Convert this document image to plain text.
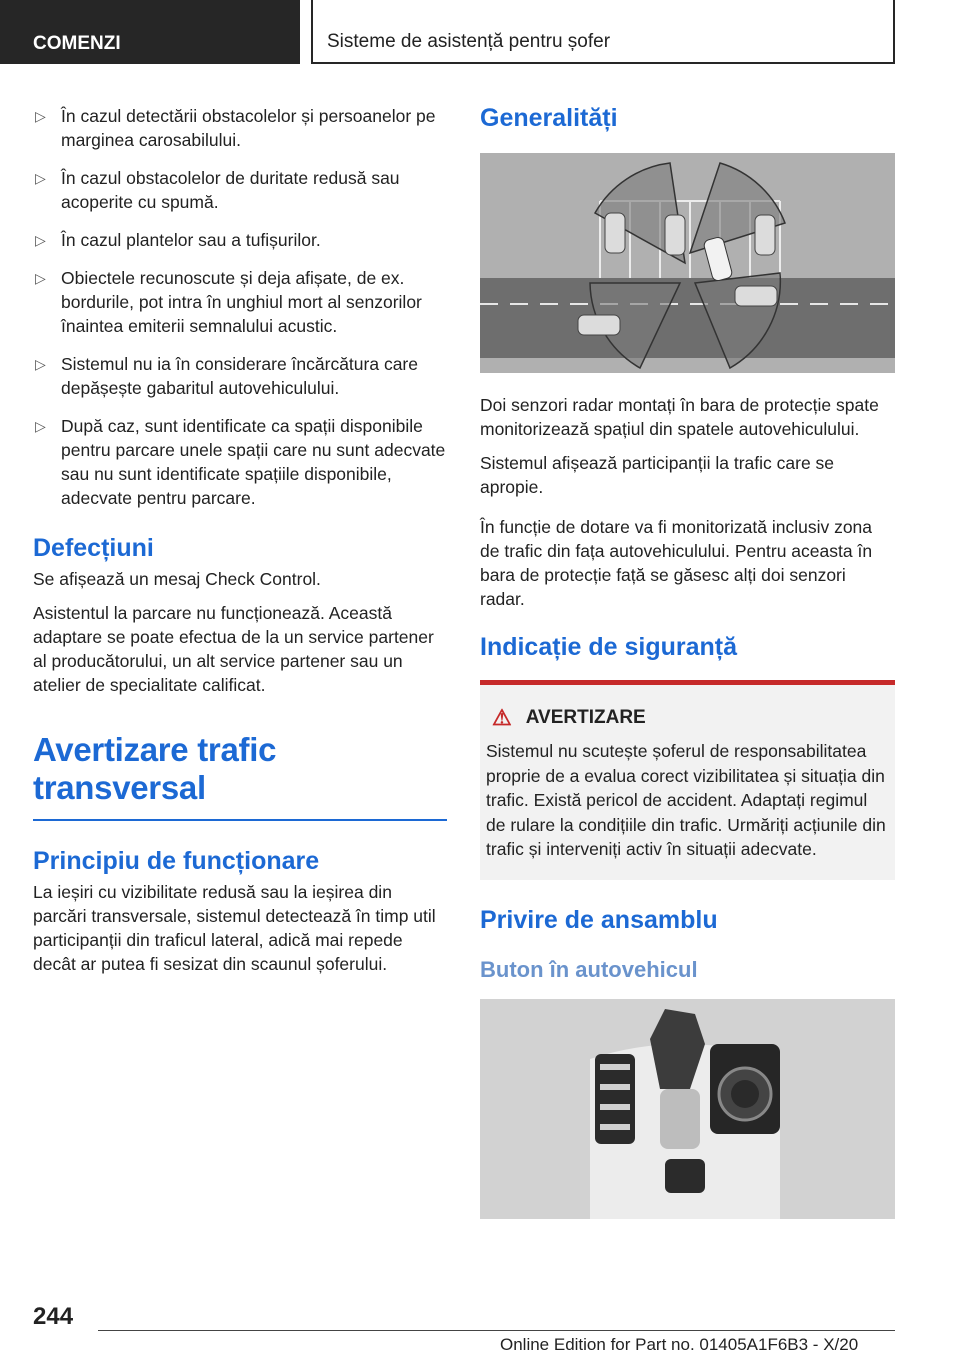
COMENZI	Sisteme de asistență pentru șofer
▷ În cazul detectării obstacolelor și persoanelor pe marginea carosabilului.
▷ În cazul obstacolelor de duritate redusă sau acoperite cu spumă.
▷ În cazul plantelor sau a tufișurilor.
▷ Obiectele recunoscute și deja afișate, de ex. bordurile, pot intra în unghiul mort al senzorilor înaintea emiterii semnalului acustic.
▷ Sistemul nu ia în considerare încărcătura care depășește gabaritul autovehiculului.
▷ După caz, sunt identificate ca spații disponibile pentru parcare unele spații care nu sunt adecvate sau nu sunt identificate spațiile disponibile, adecvate pentru parcare.
Defecțiuni

Se afișează un mesaj Check Control.

Asistentul la parcare nu funcționează. Această adaptare se poate efectua de la un service partener al producătorului, un alt service partener sau un atelier de specialitate calificat.

Avertizare trafic transversal
Principiu de funcționare

La ieșiri cu vizibilitate redusă sau la ieșirea din parcări transversale, sistemul detectează în timp util participanții din traficul lateral, adică mai repede decât ar putea fi sesizat din scaunul șoferului.

Generalități

Doi senzori radar montați în bara de protecție spate monitorizează spațiul din spatele autovehiculului.

Sistemul afișează participanții la trafic care se apropie.

În funcție de dotare va fi monitorizată inclusiv zona de trafic din fața autovehiculului. Pentru aceasta în bara de protecție față se găsesc alți doi senzori radar.

Indicație de siguranță
⚠ AVERTIZARE

Sistemul nu scutește șoferul de responsabilitatea proprie de a evalua corect vizibilitatea și situația din trafic. Există pericol de accident. Adaptați regimul de rulare la condițiile din trafic. Urmăriți acțiunile din trafic și interveniți activ în situații adecvate.

Privire de ansamblu
Buton în autovehicul
244
Online Edition for Part no. 01405A1F6B3 - X/20
